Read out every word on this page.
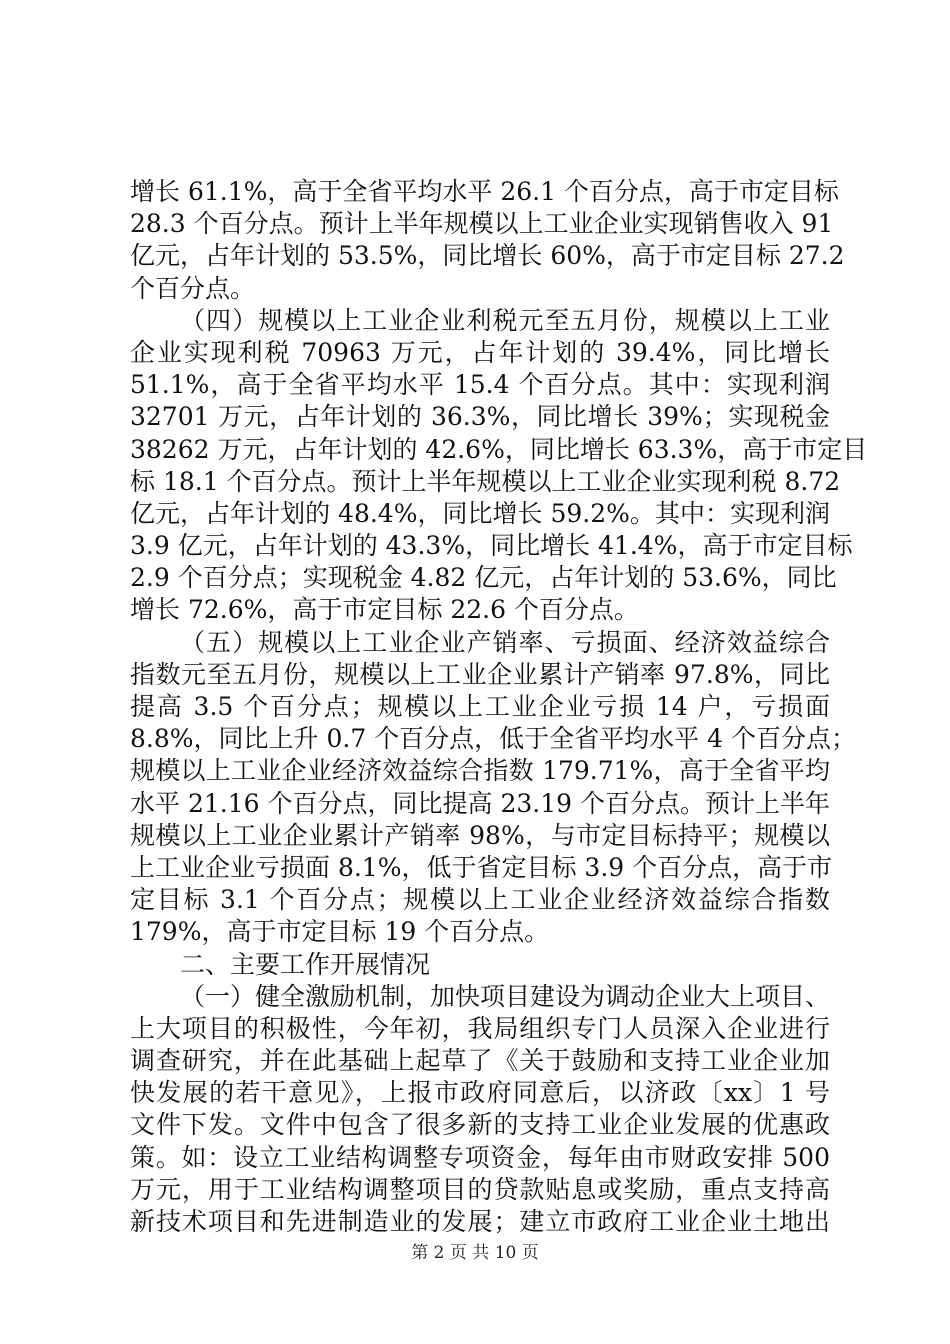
增长 61.1%，高于全省平均水平 26.1 个百分点，高于市定目标
28.3 个百分点。预计上半年规模以上工业企业实现销售收入 91
亿元，占年计划的 53.5%，同比增长 60%，高于市定目标 27.2
个百分点。
（四）规模以上工业企业利税元至五月份，规模以上工业
企业实现利税 70963 万元，占年计划的 39.4%，同比增长
51.1%，高于全省平均水平 15.4 个百分点。其中：实现利润
32701 万元，占年计划的 36.3%，同比增长 39%；实现税金
38262 万元，占年计划的 42.6%，同比增长 63.3%，高于市定目
标 18.1 个百分点。预计上半年规模以上工业企业实现利税 8.72
亿元，占年计划的 48.4%，同比增长 59.2%。其中：实现利润
3.9 亿元，占年计划的 43.3%，同比增长 41.4%，高于市定目标
2.9 个百分点；实现税金 4.82 亿元，占年计划的 53.6%，同比
增长 72.6%，高于市定目标 22.6 个百分点。
（五）规模以上工业企业产销率、亏损面、经济效益综合
指数元至五月份，规模以上工业企业累计产销率 97.8%，同比
提高 3.5 个百分点；规模以上工业企业亏损 14 户，亏损面
8.8%，同比上升 0.7 个百分点，低于全省平均水平 4 个百分点；
规模以上工业企业经济效益综合指数 179.71%，高于全省平均
水平 21.16 个百分点，同比提高 23.19 个百分点。预计上半年
规模以上工业企业累计产销率 98%，与市定目标持平；规模以
上工业企业亏损面 8.1%，低于省定目标 3.9 个百分点，高于市
定目标 3.1 个百分点；规模以上工业企业经济效益综合指数
179%，高于市定目标 19 个百分点。
二、主要工作开展情况
（一）健全激励机制，加快项目建设为调动企业大上项目、
上大项目的积极性，今年初，我局组织专门人员深入企业进行
调查研究，并在此基础上起草了《关于鼓励和支持工业企业加
快发展的若干意见》，上报市政府同意后，以济政〔xx〕1 号
文件下发。文件中包含了很多新的支持工业企业发展的优惠政
策。如：设立工业结构调整专项资金，每年由市财政安排 500
万元，用于工业结构调整项目的贷款贴息或奖励，重点支持高
新技术项目和先进制造业的发展；建立市政府工业企业土地出
第 2 页 共 10 页
